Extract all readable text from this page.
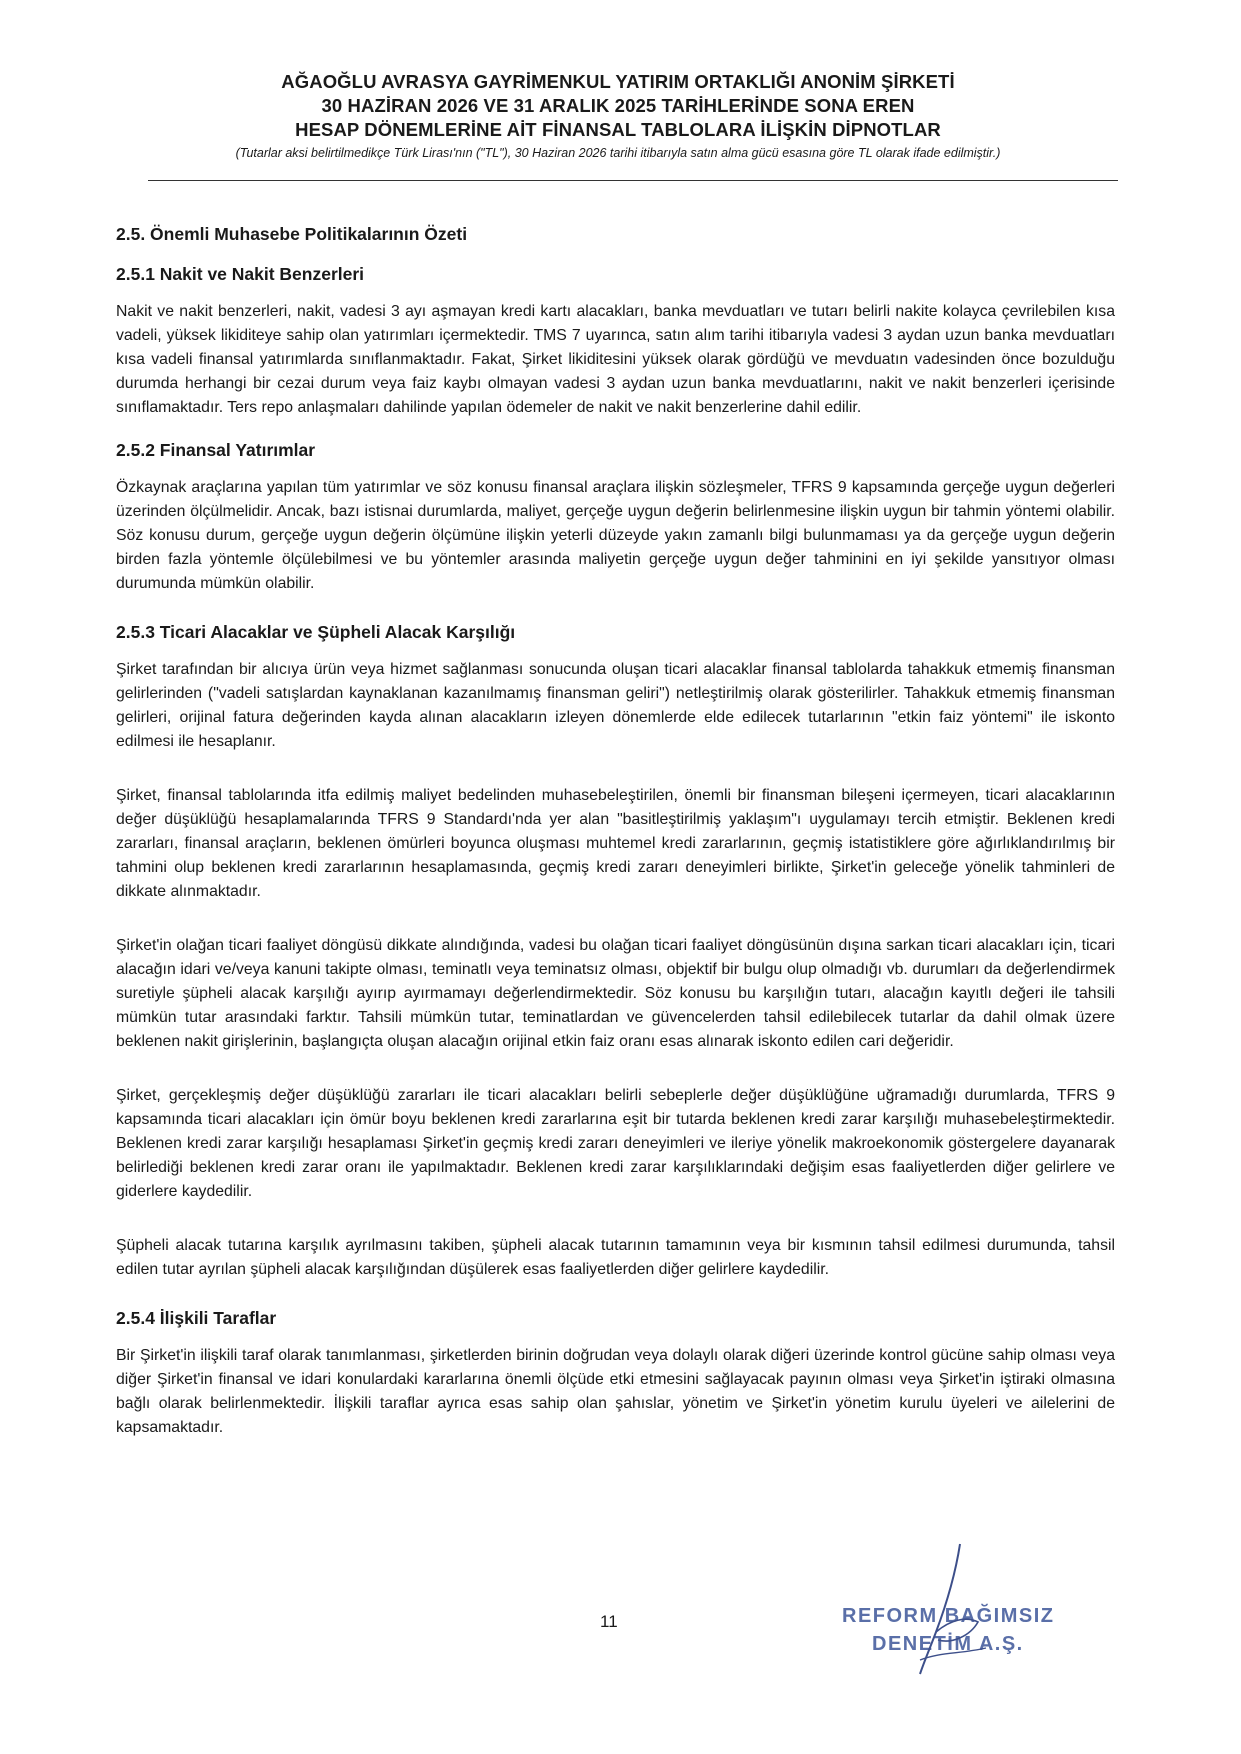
AĞAOĞLU AVRASYA GAYRİMENKUL YATIRIM ORTAKLIĞI ANONİM ŞİRKETİ
30 HAZİRAN 2026 VE 31 ARALIK 2025 TARİHLERİNDE SONA EREN
HESAP DÖNEMLERİNE AİT FİNANSAL TABLOLARA İLİŞKİN DİPNOTLAR
(Tutarlar aksi belirtilmedikçe Türk Lirası'nın ("TL"), 30 Haziran 2026 tarihi itibarıyla satın alma gücü esasına göre TL olarak ifade edilmiştir.)
2.5. Önemli Muhasebe Politikalarının Özeti
2.5.1 Nakit ve Nakit Benzerleri

Nakit ve nakit benzerleri, nakit, vadesi 3 ayı aşmayan kredi kartı alacakları, banka mevduatları ve tutarı belirli nakite kolayca çevrilebilen kısa vadeli, yüksek likiditeye sahip olan yatırımları içermektedir. TMS 7 uyarınca, satın alım tarihi itibarıyla vadesi 3 aydan uzun banka mevduatları kısa vadeli finansal yatırımlarda sınıflanmaktadır. Fakat, Şirket likiditesini yüksek olarak gördüğü ve mevduatın vadesinden önce bozulduğu durumda herhangi bir cezai durum veya faiz kaybı olmayan vadesi 3 aydan uzun banka mevduatlarını, nakit ve nakit benzerleri içerisinde sınıflamaktadır. Ters repo anlaşmaları dahilinde yapılan ödemeler de nakit ve nakit benzerlerine dahil edilir.

2.5.2 Finansal Yatırımlar

Özkaynak araçlarına yapılan tüm yatırımlar ve söz konusu finansal araçlara ilişkin sözleşmeler, TFRS 9 kapsamında gerçeğe uygun değerleri üzerinden ölçülmelidir. Ancak, bazı istisnai durumlarda, maliyet, gerçeğe uygun değerin belirlenmesine ilişkin uygun bir tahmin yöntemi olabilir. Söz konusu durum, gerçeğe uygun değerin ölçümüne ilişkin yeterli düzeyde yakın zamanlı bilgi bulunmaması ya da gerçeğe uygun değerin birden fazla yöntemle ölçülebilmesi ve bu yöntemler arasında maliyetin gerçeğe uygun değer tahminini en iyi şekilde yansıtıyor olması durumunda mümkün olabilir.

2.5.3 Ticari Alacaklar ve Şüpheli Alacak Karşılığı

Şirket tarafından bir alıcıya ürün veya hizmet sağlanması sonucunda oluşan ticari alacaklar finansal tablolarda tahakkuk etmemiş finansman gelirlerinden ("vadeli satışlardan kaynaklanan kazanılmamış finansman geliri") netleştirilmiş olarak gösterilirler. Tahakkuk etmemiş finansman gelirleri, orijinal fatura değerinden kayda alınan alacakların izleyen dönemlerde elde edilecek tutarlarının "etkin faiz yöntemi" ile iskonto edilmesi ile hesaplanır.

Şirket, finansal tablolarında itfa edilmiş maliyet bedelinden muhasebeleştirilen, önemli bir finansman bileşeni içermeyen, ticari alacaklarının değer düşüklüğü hesaplamalarında TFRS 9 Standardı'nda yer alan "basitleştirilmiş yaklaşım"ı uygulamayı tercih etmiştir. Beklenen kredi zararları, finansal araçların, beklenen ömürleri boyunca oluşması muhtemel kredi zararlarının, geçmiş istatistiklere göre ağırlıklandırılmış bir tahmini olup beklenen kredi zararlarının hesaplamasında, geçmiş kredi zararı deneyimleri birlikte, Şirket'in geleceğe yönelik tahminleri de dikkate alınmaktadır.

Şirket'in olağan ticari faaliyet döngüsü dikkate alındığında, vadesi bu olağan ticari faaliyet döngüsünün dışına sarkan ticari alacakları için, ticari alacağın idari ve/veya kanuni takipte olması, teminatlı veya teminatsız olması, objektif bir bulgu olup olmadığı vb. durumları da değerlendirmek suretiyle şüpheli alacak karşılığı ayırıp ayırmamayı değerlendirmektedir. Söz konusu bu karşılığın tutarı, alacağın kayıtlı değeri ile tahsili mümkün tutar arasındaki farktır. Tahsili mümkün tutar, teminatlardan ve güvencelerden tahsil edilebilecek tutarlar da dahil olmak üzere beklenen nakit girişlerinin, başlangıçta oluşan alacağın orijinal etkin faiz oranı esas alınarak iskonto edilen cari değeridir.

Şirket, gerçekleşmiş değer düşüklüğü zararları ile ticari alacakları belirli sebeplerle değer düşüklüğüne uğramadığı durumlarda, TFRS 9 kapsamında ticari alacakları için ömür boyu beklenen kredi zararlarına eşit bir tutarda beklenen kredi zarar karşılığı muhasebeleştirmektedir. Beklenen kredi zarar karşılığı hesaplaması Şirket'in geçmiş kredi zararı deneyimleri ve ileriye yönelik makroekonomik göstergelere dayanarak belirlediği beklenen kredi zarar oranı ile yapılmaktadır. Beklenen kredi zarar karşılıklarındaki değişim esas faaliyetlerden diğer gelirlere ve giderlere kaydedilir.

Şüpheli alacak tutarına karşılık ayrılmasını takiben, şüpheli alacak tutarının tamamının veya bir kısmının tahsil edilmesi durumunda, tahsil edilen tutar ayrılan şüpheli alacak karşılığından düşülerek esas faaliyetlerden diğer gelirlere kaydedilir.

2.5.4 İlişkili Taraflar

Bir Şirket'in ilişkili taraf olarak tanımlanması, şirketlerden birinin doğrudan veya dolaylı olarak diğeri üzerinde kontrol gücüne sahip olması veya diğer Şirket'in finansal ve idari konulardaki kararlarına önemli ölçüde etki etmesini sağlayacak payının olması veya Şirket'in iştiraki olmasına bağlı olarak belirlenmektedir. İlişkili taraflar ayrıca esas sahip olan şahıslar, yönetim ve Şirket'in yönetim kurulu üyeleri ve ailelerini de kapsamaktadır.

11	REFORM BAĞIMSIZ
DENETİM A.Ş.
